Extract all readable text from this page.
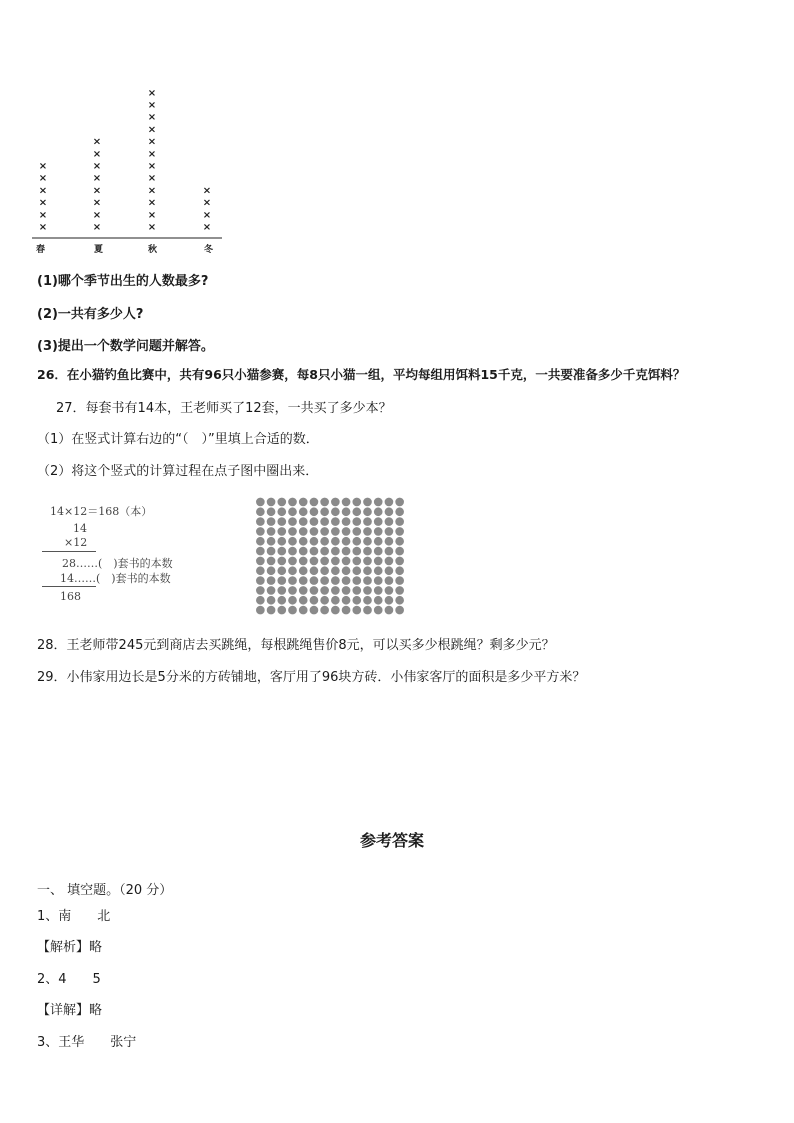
×
×
×
×
×
×
×
×
×
×
×
×
×
×
×
×
×
×
×
×
×
×
×
×
×
×
×
×
×
×
春	夏	秋	冬
(1)哪个季节出生的人数最多?
(2)一共有多少人?
(3)提出一个数学问题并解答。
26．在小猫钓鱼比赛中，共有96只小猫参赛，每8只小猫一组，平均每组用饵料15千克，一共要准备多少千克饵料？
27．每套书有14本，王老师买了12套，一共买了多少本？
（1）在竖式计算右边的“（　）”里填上合适的数．
（2）将这个竖式的计算过程在点子图中圈出来．
14×12＝168（本）
14
×12
28……(　)套书的本数
14……(　)套书的本数
168
28．王老师带245元到商店去买跳绳，每根跳绳售价8元，可以买多少根跳绳？剩多少元？
29．小伟家用边长是5分米的方砖铺地，客厅用了96块方砖．小伟家客厅的面积是多少平方米？
参考答案
一、 填空题。（20 分）
1、南　　北
【解析】略
2、4　　5
【详解】略
3、王华　　张宁
